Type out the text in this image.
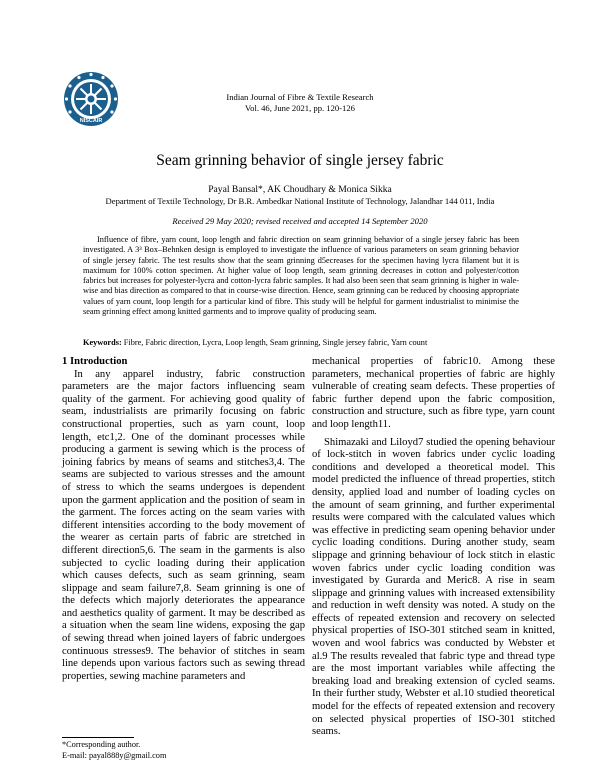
NISCAIR
Indian Journal of Fibre & Textile Research
Vol. 46, June 2021, pp. 120-126
Seam grinning behavior of single jersey fabric
Payal Bansal*, AK Choudhary & Monica Sikka
Department of Textile Technology, Dr B.R. Ambedkar National Institute of Technology, Jalandhar 144 011, India
Received 29 May 2020; revised received and accepted 14 September 2020

Influence of fibre, yarn count, loop length and fabric direction on seam grinning behavior of a single jersey fabric has been investigated. A 3³ Box–Behnken design is employed to investigate the influence of various parameters on seam grinning behavior of single jersey fabric. The test results show that the seam grinning d5ecreases for the specimen having lycra filament but it is maximum for 100% cotton specimen. At higher value of loop length, seam grinning decreases in cotton and polyester/cotton fabrics but increases for polyester-lycra and cotton-lycra fabric samples. It had also been seen that seam grinning is higher in wale-wise and bias direction as compared to that in course-wise direction. Hence, seam grinning can be reduced by choosing appropriate values of yarn count, loop length for a particular kind of fibre. This study will be helpful for garment industrialist to minimise the seam grinning effect among knitted garments and to improve quality of producing seam.

Keywords: Fibre, Fabric direction, Lycra, Loop length, Seam grinning, Single jersey fabric, Yarn count

1 Introduction

In any apparel industry, fabric construction parameters are the major factors influencing seam quality of the garment. For achieving good quality of seam, industrialists are primarily focusing on fabric constructional properties, such as yarn count, loop length, etc1,2. One of the dominant processes while producing a garment is sewing which is the process of joining fabrics by means of seams and stitches3,4. The seams are subjected to various stresses and the amount of stress to which the seams undergoes is dependent upon the garment application and the position of seam in the garment. The forces acting on the seam varies with different intensities according to the body movement of the wearer as certain parts of fabric are stretched in different direction5,6. The seam in the garments is also subjected to cyclic loading during their application which causes defects, such as seam grinning, seam slippage and seam failure7,8. Seam grinning is one of the defects which majorly deteriorates the appearance and aesthetics quality of garment. It may be described as a situation when the seam line widens, exposing the gap of sewing thread when joined layers of fabric undergoes continuous stresses9. The behavior of stitches in seam line depends upon various factors such as sewing thread properties, sewing machine parameters and

mechanical properties of fabric10. Among these parameters, mechanical properties of fabric are highly vulnerable of creating seam defects. These properties of fabric further depend upon the fabric composition, construction and structure, such as fibre type, yarn count and loop length11.

Shimazaki and Liloyd7 studied the opening behaviour of lock-stitch in woven fabrics under cyclic loading conditions and developed a theoretical model. This model predicted the influence of thread properties, stitch density, applied load and number of loading cycles on the amount of seam grinning, and further experimental results were compared with the calculated values which was effective in predicting seam opening behavior under cyclic loading conditions. During another study, seam slippage and grinning behaviour of lock stitch in elastic woven fabrics under cyclic loading condition was investigated by Gurarda and Meric8. A rise in seam slippage and grinning values with increased extensibility and reduction in weft density was noted. A study on the effects of repeated extension and recovery on selected physical properties of ISO-301 stitched seam in knitted, woven and wool fabrics was conducted by Webster et al.9 The results revealed that fabric type and thread type are the most important variables while affecting the breaking load and breaking extension of cycled seams. In their further study, Webster et al.10 studied theoretical model for the effects of repeated extension and recovery on selected physical properties of ISO-301 stitched seams.

*Corresponding author.
E-mail: payal888y@gmail.com
